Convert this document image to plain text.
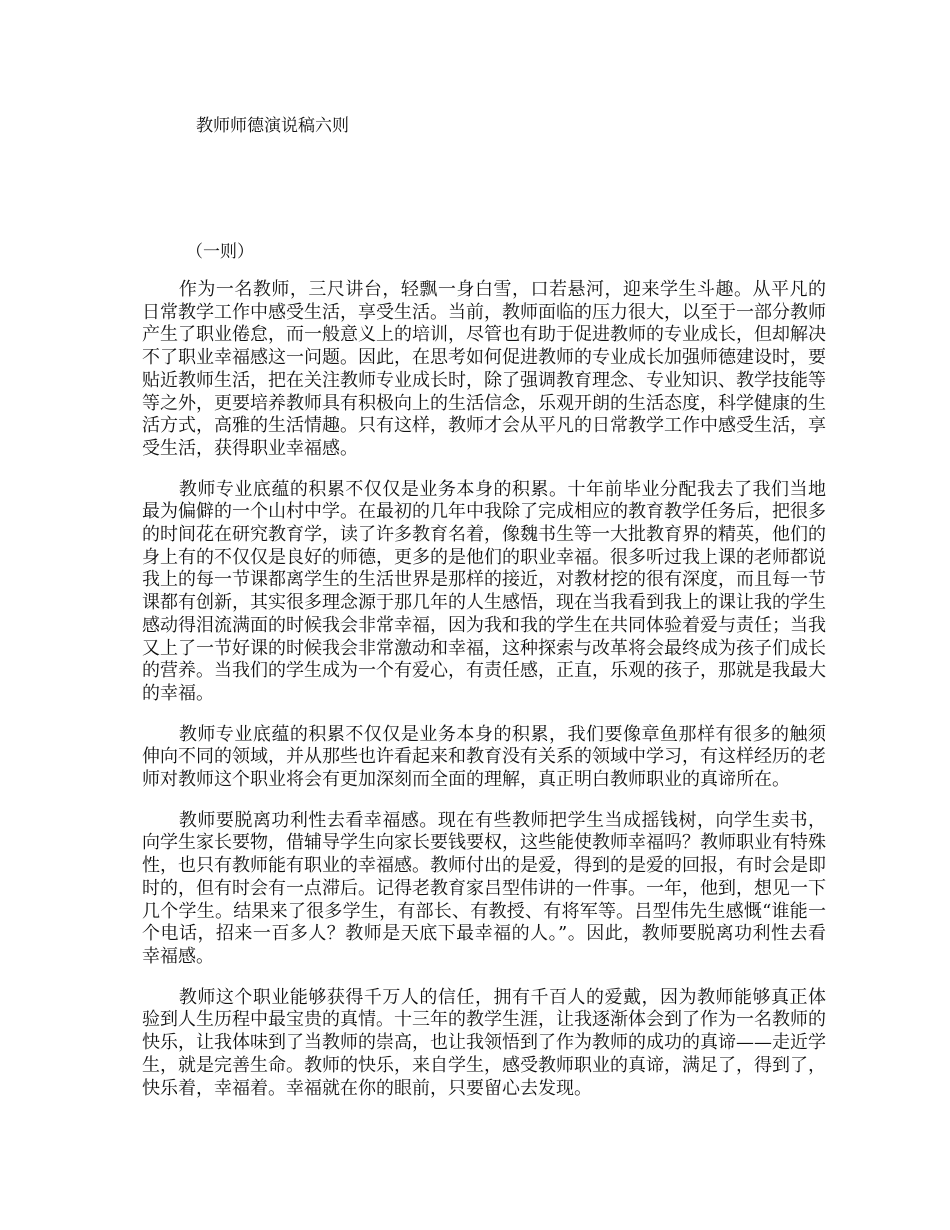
教师师德演说稿六则

（一则）

作为一名教师，三尺讲台，轻飘一身白雪，口若悬河，迎来学生斗趣。从平凡的日常教学工作中感受生活，享受生活。当前，教师面临的压力很大，以至于一部分教师产生了职业倦怠，而一般意义上的培训，尽管也有助于促进教师的专业成长，但却解决不了职业幸福感这一问题。因此，在思考如何促进教师的专业成长加强师德建设时，要贴近教师生活，把在关注教师专业成长时，除了强调教育理念、专业知识、教学技能等等之外，更要培养教师具有积极向上的生活信念，乐观开朗的生活态度，科学健康的生活方式，高雅的生活情趣。只有这样，教师才会从平凡的日常教学工作中感受生活，享受生活，获得职业幸福感。

教师专业底蕴的积累不仅仅是业务本身的积累。十年前毕业分配我去了我们当地最为偏僻的一个山村中学。在最初的几年中我除了完成相应的教育教学任务后，把很多的时间花在研究教育学，读了许多教育名着，像魏书生等一大批教育界的精英，他们的身上有的不仅仅是良好的师德，更多的是他们的职业幸福。很多听过我上课的老师都说我上的每一节课都离学生的生活世界是那样的接近，对教材挖的很有深度，而且每一节课都有创新，其实很多理念源于那几年的人生感悟，现在当我看到我上的课让我的学生感动得泪流满面的时候我会非常幸福，因为我和我的学生在共同体验着爱与责任；当我又上了一节好课的时候我会非常激动和幸福，这种探索与改革将会最终成为孩子们成长的营养。当我们的学生成为一个有爱心，有责任感，正直，乐观的孩子，那就是我最大的幸福。

教师专业底蕴的积累不仅仅是业务本身的积累，我们要像章鱼那样有很多的触须伸向不同的领域，并从那些也许看起来和教育没有关系的领域中学习，有这样经历的老师对教师这个职业将会有更加深刻而全面的理解，真正明白教师职业的真谛所在。

教师要脱离功利性去看幸福感。现在有些教师把学生当成摇钱树，向学生卖书，向学生家长要物，借辅导学生向家长要钱要权，这些能使教师幸福吗？教师职业有特殊性，也只有教师能有职业的幸福感。教师付出的是爱，得到的是爱的回报，有时会是即时的，但有时会有一点滞后。记得老教育家吕型伟讲的一件事。一年，他到，想见一下几个学生。结果来了很多学生，有部长、有教授、有将军等。吕型伟先生感慨“谁能一个电话，招来一百多人？教师是天底下最幸福的人。”。因此，教师要脱离功利性去看幸福感。

教师这个职业能够获得千万人的信任，拥有千百人的爱戴，因为教师能够真正体验到人生历程中最宝贵的真情。十三年的教学生涯，让我逐渐体会到了作为一名教师的快乐，让我体味到了当教师的崇高，也让我领悟到了作为教师的成功的真谛——走近学生，就是完善生命。教师的快乐，来自学生，感受教师职业的真谛，满足了，得到了，快乐着，幸福着。幸福就在你的眼前，只要留心去发现。
